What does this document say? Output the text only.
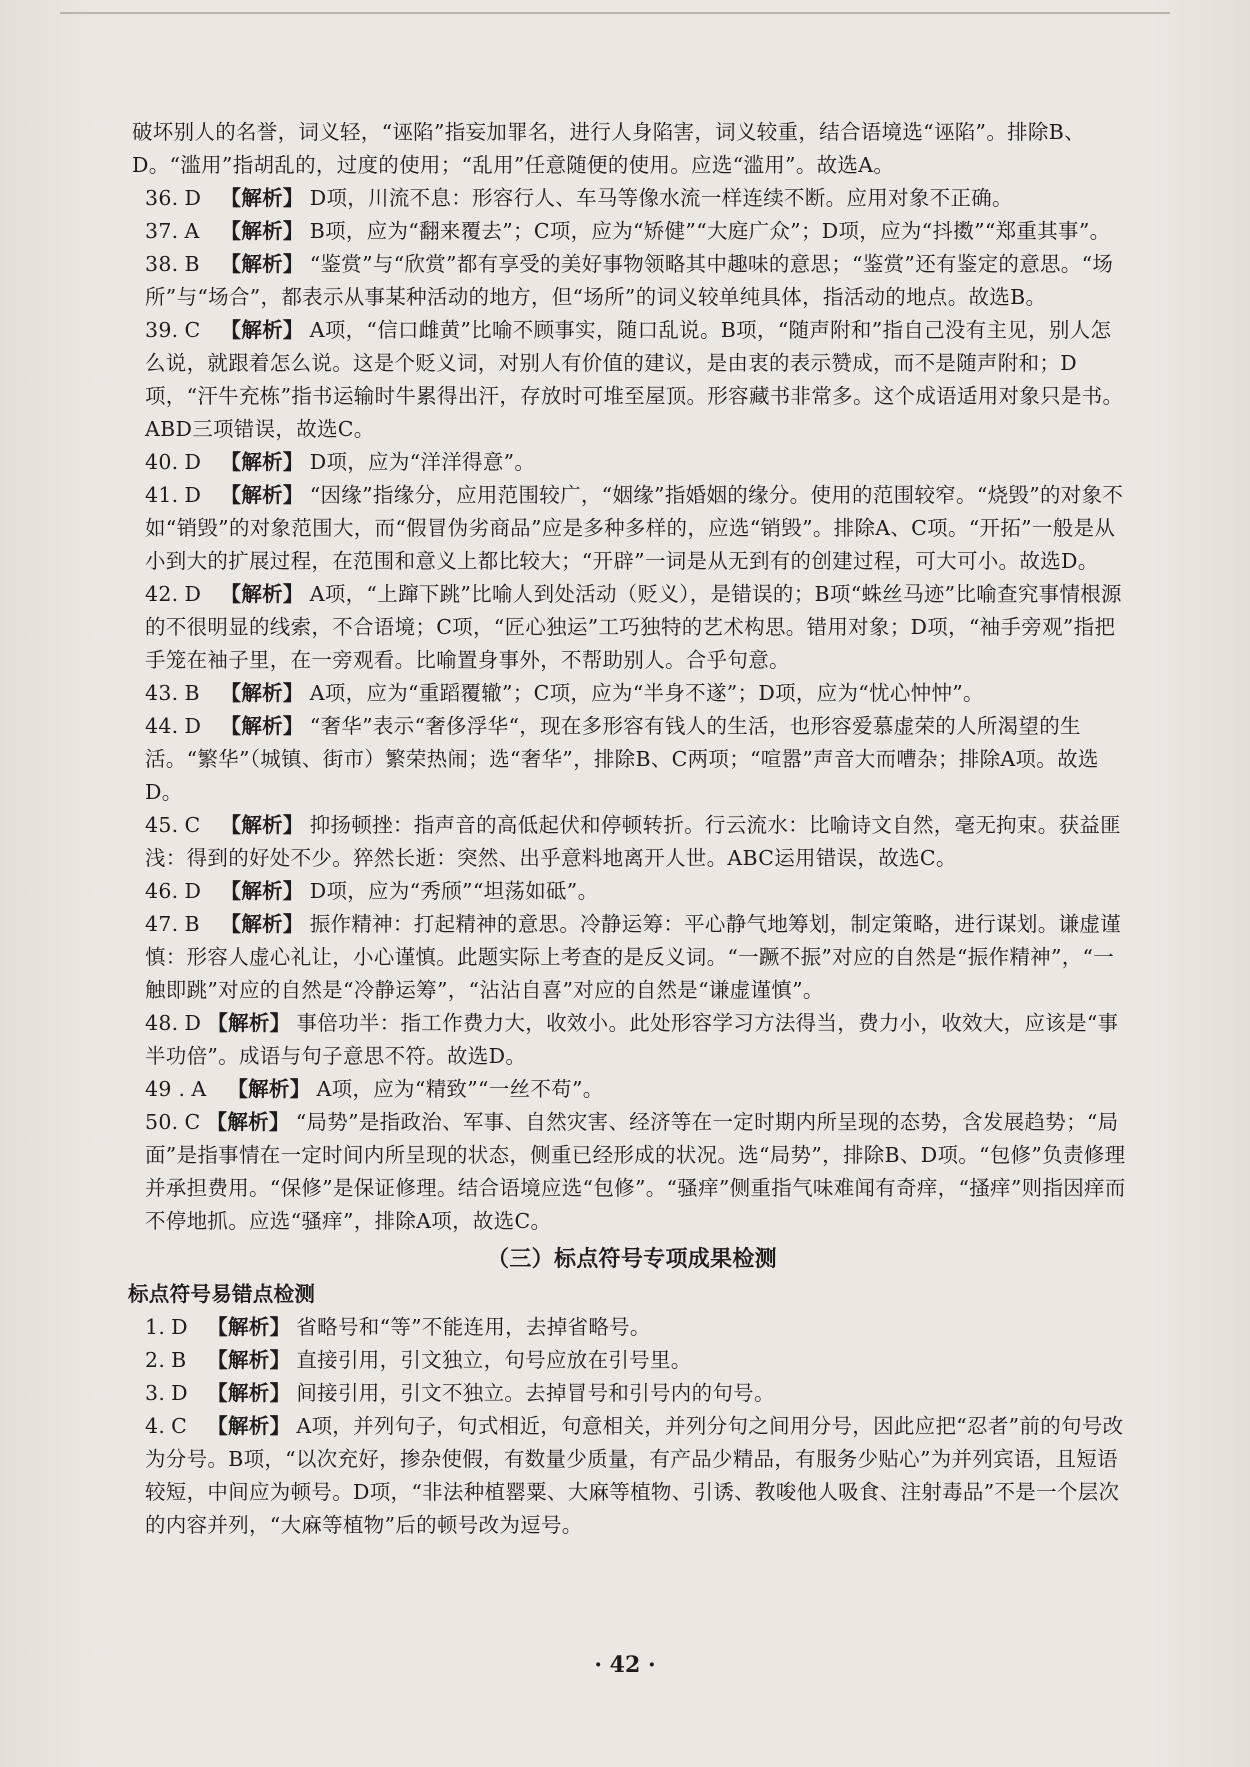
破坏别人的名誉，词义轻，“诬陷”指妄加罪名，进行人身陷害，词义较重，结合语境选“诬陷”。排除B、D。“滥用”指胡乱的，过度的使用；“乱用”任意随便的使用。应选“滥用”。故选A。

36. D 【解析】 D项，川流不息：形容行人、车马等像水流一样连续不断。应用对象不正确。

37. A 【解析】 B项，应为“翻来覆去”；C项，应为“矫健”“大庭广众”；D项，应为“抖擞”“郑重其事”。

38. B 【解析】 “鉴赏”与“欣赏”都有享受的美好事物领略其中趣味的意思；“鉴赏”还有鉴定的意思。“场所”与“场合”，都表示从事某种活动的地方，但“场所”的词义较单纯具体，指活动的地点。故选B。

39. C 【解析】 A项，“信口雌黄”比喻不顾事实，随口乱说。B项，“随声附和”指自己没有主见，别人怎么说，就跟着怎么说。这是个贬义词，对别人有价值的建议，是由衷的表示赞成，而不是随声附和；D项，“汗牛充栋”指书运输时牛累得出汗，存放时可堆至屋顶。形容藏书非常多。这个成语适用对象只是书。ABD三项错误，故选C。

40. D 【解析】 D项，应为“洋洋得意”。

41. D 【解析】 “因缘”指缘分，应用范围较广，“姻缘”指婚姻的缘分。使用的范围较窄。“烧毁”的对象不如“销毁”的对象范围大，而“假冒伪劣商品”应是多种多样的，应选“销毁”。排除A、C项。“开拓”一般是从小到大的扩展过程，在范围和意义上都比较大；“开辟”一词是从无到有的创建过程，可大可小。故选D。

42. D 【解析】 A项，“上蹿下跳”比喻人到处活动（贬义），是错误的；B项“蛛丝马迹”比喻查究事情根源的不很明显的线索，不合语境；C项，“匠心独运”工巧独特的艺术构思。错用对象；D项，“袖手旁观”指把手笼在袖子里，在一旁观看。比喻置身事外，不帮助别人。合乎句意。

43. B 【解析】 A项，应为“重蹈覆辙”；C项，应为“半身不遂”；D项，应为“忧心忡忡”。

44. D 【解析】 “奢华”表示“奢侈浮华“，现在多形容有钱人的生活，也形容爱慕虚荣的人所渴望的生活。“繁华”（城镇、街市）繁荣热闹；选“奢华”，排除B、C两项；“喧嚣”声音大而嘈杂；排除A项。故选D。

45. C 【解析】 抑扬顿挫：指声音的高低起伏和停顿转折。行云流水：比喻诗文自然，毫无拘束。获益匪浅：得到的好处不少。猝然长逝：突然、出乎意料地离开人世。ABC运用错误，故选C。

46. D 【解析】 D项，应为“秀颀”“坦荡如砥”。

47. B 【解析】 振作精神：打起精神的意思。冷静运筹：平心静气地筹划，制定策略，进行谋划。谦虚谨慎：形容人虚心礼让，小心谨慎。此题实际上考查的是反义词。“一蹶不振”对应的自然是“振作精神”，“一触即跳”对应的自然是“冷静运筹”，“沾沾自喜”对应的自然是“谦虚谨慎”。

48. D 【解析】 事倍功半：指工作费力大，收效小。此处形容学习方法得当，费力小，收效大，应该是“事半功倍”。成语与句子意思不符。故选D。

49 . A 【解析】 A项，应为“精致”“一丝不苟”。

50. C 【解析】 “局势”是指政治、军事、自然灾害、经济等在一定时期内所呈现的态势，含发展趋势；“局面”是指事情在一定时间内所呈现的状态，侧重已经形成的状况。选“局势”，排除B、D项。“包修”负责修理并承担费用。“保修”是保证修理。结合语境应选“包修”。“骚痒”侧重指气味难闻有奇痒，“搔痒”则指因痒而不停地抓。应选“骚痒”，排除A项，故选C。

（三）标点符号专项成果检测
标点符号易错点检测

1. D 【解析】 省略号和“等”不能连用，去掉省略号。

2. B 【解析】 直接引用，引文独立，句号应放在引号里。

3. D 【解析】 间接引用，引文不独立。去掉冒号和引号内的句号。

4. C 【解析】 A项，并列句子，句式相近，句意相关，并列分句之间用分号，因此应把“忍者”前的句号改为分号。B项，“以次充好，掺杂使假，有数量少质量，有产品少精品，有服务少贴心”为并列宾语，且短语较短，中间应为顿号。D项，“非法种植罂粟、大麻等植物、引诱、教唆他人吸食、注射毒品”不是一个层次的内容并列，“大麻等植物”后的顿号改为逗号。

· 42 ·
